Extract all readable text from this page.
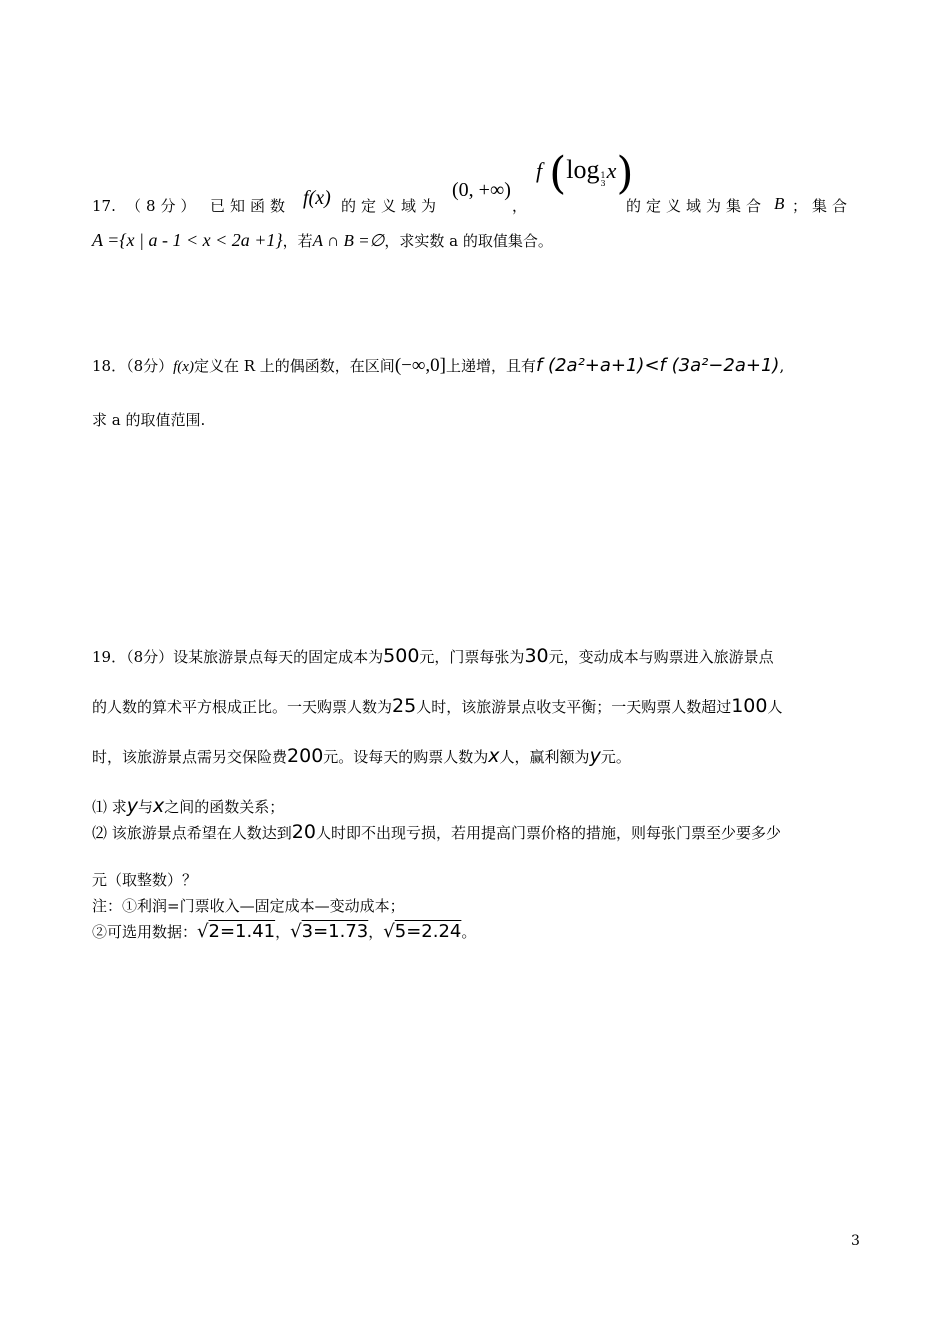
17. （8分） 已知函数 f(x) 的定义域为
(0, +∞)
，
f (log1
3x)
的定义域为集合 B ；集合
A ={x | a - 1 < x < 2a +1}，若A ∩ B =∅，求实数 a 的取值集合。
18．（8分）f(x)定义在 R 上的偶函数，在区间(−∞,0]上递增，且有f (2a²+a+1)<f (3a²−2a+1),
求 a 的取值范围.
19．（8分）设某旅游景点每天的固定成本为500元，门票每张为30元，变动成本与购票进入旅游景点
的人数的算术平方根成正比。一天购票人数为25人时，该旅游景点收支平衡；一天购票人数超过100人
时，该旅游景点需另交保险费200元。设每天的购票人数为x人，赢利额为y元。
⑴ 求y与x之间的函数关系；
⑵ 该旅游景点希望在人数达到20人时即不出现亏损，若用提高门票价格的措施，则每张门票至少要多少
元（取整数）？
注：①利润=门票收入—固定成本—变动成本；
②可选用数据：√2=1.41，√3=1.73，√5=2.24。
3
